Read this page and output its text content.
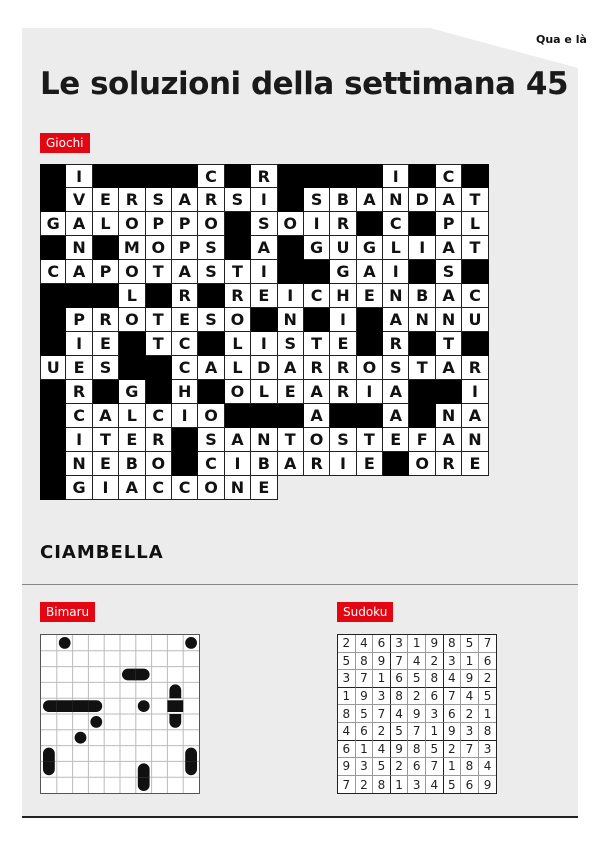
Qua e là
Le soluzioni della settimana 45
Giochi
I	C	R	I	C
V E R S A R S	I	S B A N D A T
G A L O P P O	S O	I	R	C	P L
N	M O P S	A	G U G L	I	A T
C A P O T A S T	I	G A	I	S
L	R	R E	I	C H E N B A C
P R O T E S O	N	I	A N N U
I	E	T C	L	I	S T E	R	T
U E S	C A L D A R R O S T A R
R	G	H	O L E A R	I	A	I
C A L C	I	O	A	A	N A
I	T E R	S A N T O S T E F A N
N E B O	C	I	B A R	I	E	O R E
G	I	A C C O N E
CIAMBELLA
Bimaru	Sudoku
2 4 6 3 1 9 8 5 7
5 8 9 7 4 2 3 1 6
3 7 1 6 5 8 4 9 2
1 9 3 8 2 6 7 4 5
8 5 7 4 9 3 6 2 1
4 6 2 5 7 1 9 3 8
6 1 4 9 8 5 2 7 3
9 3 5 2 6 7 1 8 4
7 2 8 1 3 4 5 6 9
